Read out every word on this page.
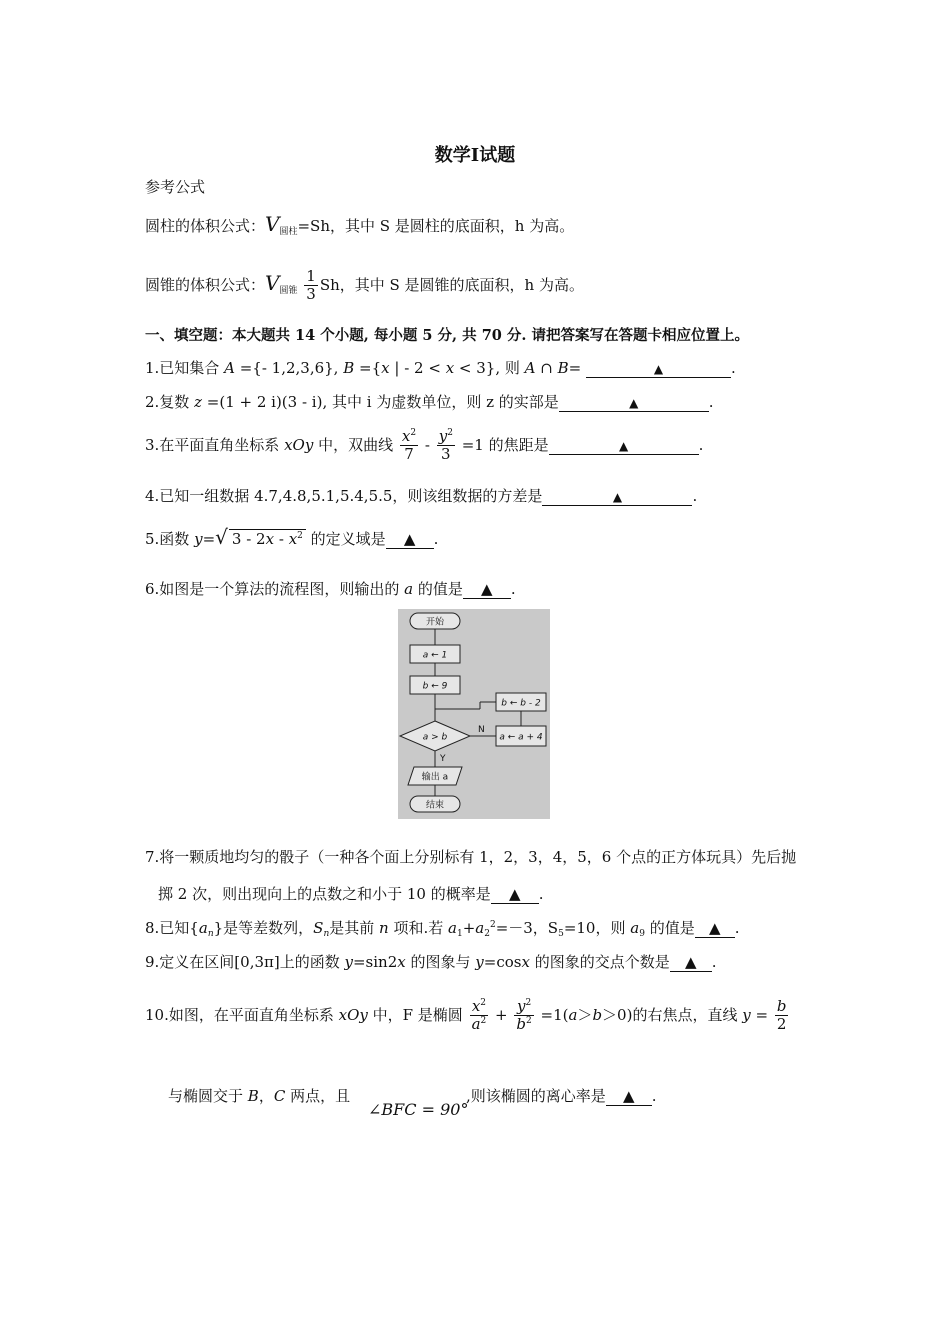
数学Ⅰ试题
参考公式
圆柱的体积公式：$V_{圆柱}=Sh$，其中 S 是圆柱的底面积，h 为高。
圆锥的体积公式：$V_{圆锥} \frac{1}{3}$ Sh，其中 S 是圆锥的底面积，h 为高。
一、填空题：本大题共 14 个小题, 每小题 5 分, 共 70 分. 请把答案写在答题卡相应位置上。
1.已知集合 A ={- 1,2,3,6}, B ={x | - 2 < x < 3}, 则 A ∩ B=	▲	.
2.复数 z =(1 + 2 i)(3 - i), 其中 i 为虚数单位，则 z 的实部是	▲	.
3.在平面直角坐标系 xOy 中，双曲线 $\frac{x^2}{7} - \frac{y^2}{3} =1$ 的焦距是	▲	.
4.已知一组数据 4.7,4.8,5.1,5.4,5.5，则该组数据的方差是	▲	.
5.函数 y=√ $3 - 2x - x^2$ 的定义域是 ▲ .
6.如图是一个算法的流程图，则输出的 a 的值是 ▲ .
开始
a ← 1
b ← 9
a > b
N
a ← a + 4
b ← b - 2
Y
输出 a
结束
7.将一颗质地均匀的骰子（一种各个面上分别标有 1，2，3，4，5，6 个点的正方体玩具）先后抛
掷 2 次，则出现向上的点数之和小于 10 的概率是 ▲ .
8.已知$\{a_n\}$是等差数列，$S_n$是其前 n 项和.若 $a_1+a_2^2=-3$，$S_5=10$，则 $a_9$ 的值是 ▲ .
9.定义在区间[0,3π]上的函数 y=sin2x 的图象与 y=cosx 的图象的交点个数是 ▲ .
10.如图，在平面直角坐标系 xOy 中，F 是椭圆 $\frac{x^2}{a^2} + \frac{y^2}{b^2} =1(a>b>0)$的右焦点，直线 $y = \frac{b}{2}$
与椭圆交于 B，C 两点，且
∠BFC = 90°
,则该椭圆的离心率是 ▲ .
